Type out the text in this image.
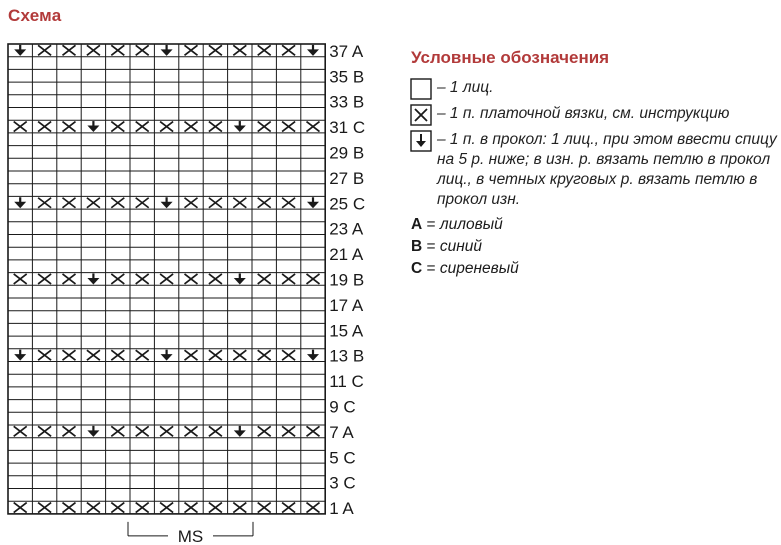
Схема
37 A
35 B
33 B
31 C
29 B
27 B
25 C
23 A
21 A
19 B
17 A
15 A
13 B
11 C
9 C
7 A
5 C
3 C
1 A
MS
Условные обозначения
– 1 лиц.
– 1 п. платочной вязки, см. инструкцию
– 1 п. в прокол: 1 лиц., при этом ввести спицу на 5 р. ниже; в изн. р. вязать петлю в прокол лиц., в четных круговых р. вязать петлю в прокол изн.
A = лиловый
B = синий
C = сиреневый
